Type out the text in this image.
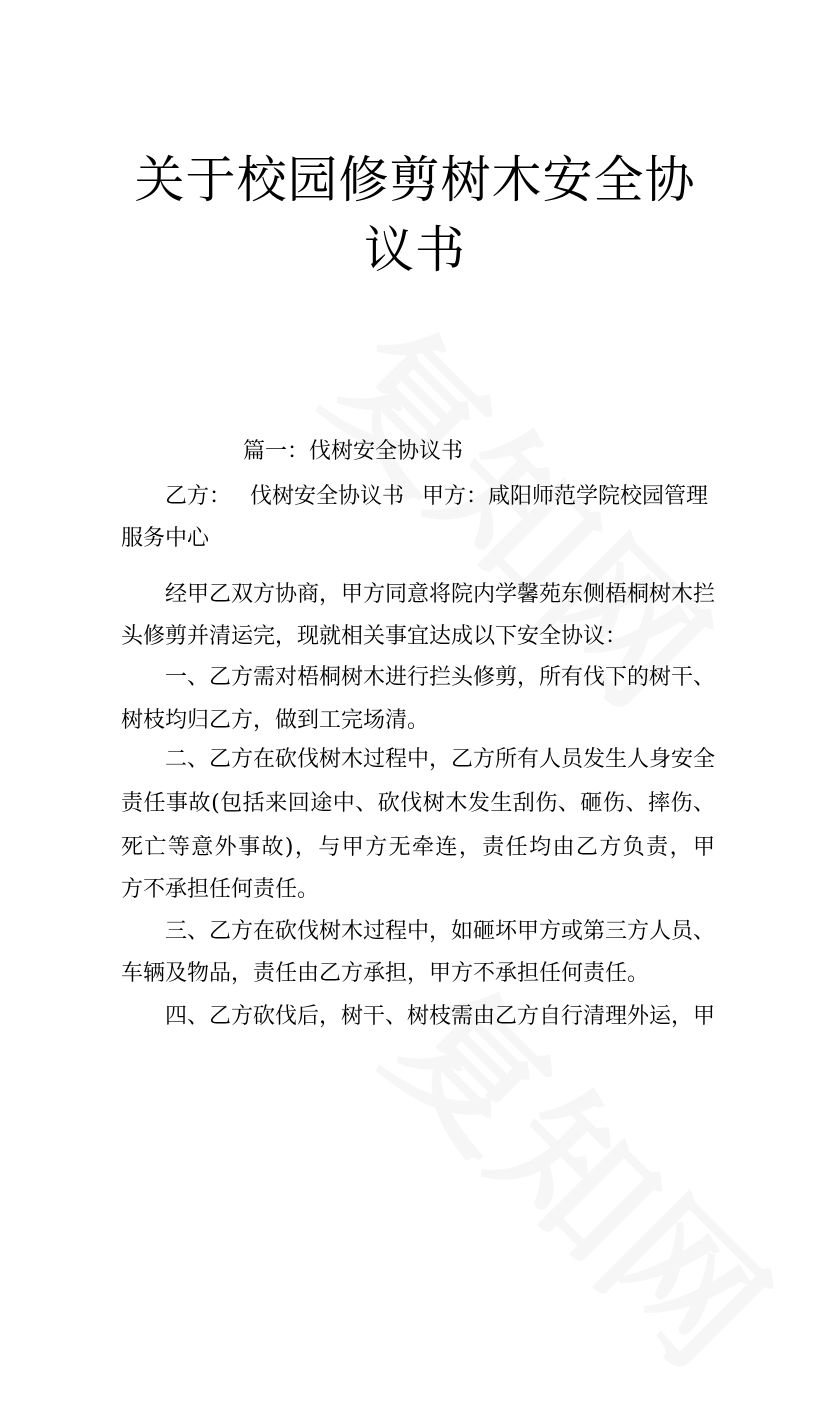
关于校园修剪树木安全协
议书
篇一：伐树安全协议书
乙方： 伐树安全协议书 甲方：咸阳师范学院校园管理
服务中心
经甲乙双方协商，甲方同意将院内学馨苑东侧梧桐树木拦
头修剪并清运完，现就相关事宜达成以下安全协议：
一、乙方需对梧桐树木进行拦头修剪，所有伐下的树干、
树枝均归乙方，做到工完场清。
二、乙方在砍伐树木过程中，乙方所有人员发生人身安全
责任事故(包括来回途中、砍伐树木发生刮伤、砸伤、摔伤、
死亡等意外事故)，与甲方无牵连，责任均由乙方负责，甲
方不承担任何责任。
三、乙方在砍伐树木过程中，如砸坏甲方或第三方人员、
车辆及物品，责任由乙方承担，甲方不承担任何责任。
四、乙方砍伐后，树干、树枝需由乙方自行清理外运，甲
